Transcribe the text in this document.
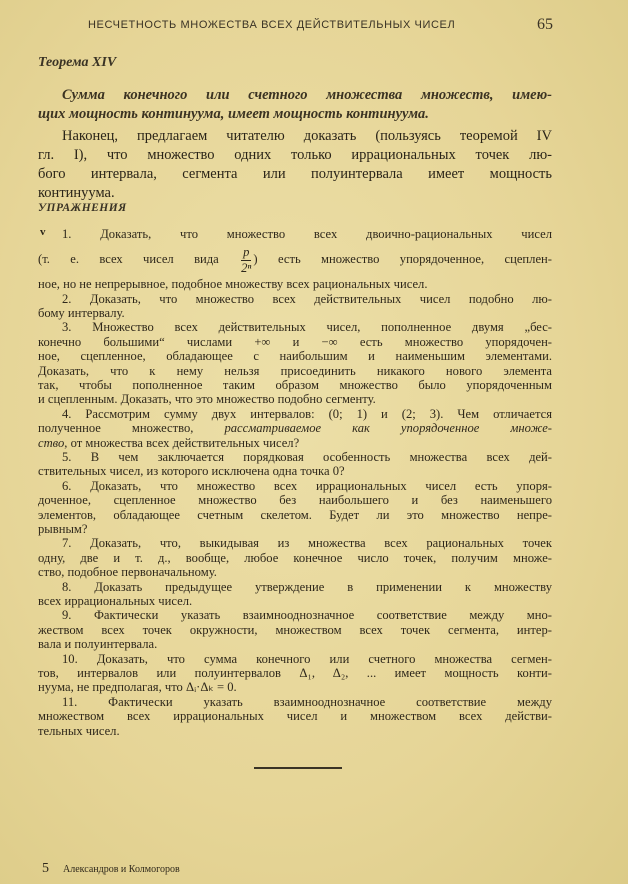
НЕСЧЕТНОСТЬ МНОЖЕСТВА ВСЕХ ДЕЙСТВИТЕЛЬНЫХ ЧИСЕЛ	65
Теорема XIV
Сумма конечного или счетного множества множеств, имею-
щих мощность континуума, имеет мощность континуума.
Наконец, предлагаем читателю доказать (пользуясь теоремой IV
гл. I), что множество одних только иррациональных точек лю-
бого интервала, сегмента или полуинтервала имеет мощность
континуума.
УПРАЖНЕНИЯ
v 1. Доказать, что множество всех двоично-рациональных чисел
(т. е. всех чисел вида $\frac{p}{\text{2ⁿ}}$ ) есть множество упорядоченное, сцеплен-
ное, но не непрерывное, подобное множеству всех рациональных чисел.
2. Доказать, что множество всех действительных чисел подобно лю-
бому интервалу.
3. Множество всех действительных чисел, пополненное двумя „бес-
конечно большими“ числами +∞ и −∞ есть множество упорядочен-
ное, сцепленное, обладающее с наибольшим и наименьшим элементами.
Доказать, что к нему нельзя присоединить никакого нового элемента
так, чтобы пополненное таким образом множество было упорядоченным
и сцепленным. Доказать, что это множество подобно сегменту.
4. Рассмотрим сумму двух интервалов: (0; 1) и (2; 3). Чем отличается
полученное множество, рассматриваемое как упорядоченное множе-
ство, от множества всех действительных чисел?
5. В чем заключается порядковая особенность множества всех дей-
ствительных чисел, из которого исключена одна точка 0?
6. Доказать, что множество всех иррациональных чисел есть упоря-
доченное, сцепленное множество без наибольшего и без наименьшего
элементов, обладающее счетным скелетом. Будет ли это множество непре-
рывным?
7. Доказать, что, выкидывая из множества всех рациональных точек
одну, две и т. д., вообще, любое конечное число точек, получим множе-
ство, подобное первоначальному.
8. Доказать предыдущее утверждение в применении к множеству
всех иррациональных чисел.
9. Фактически указать взаимнооднозначное соответствие между мно-
жеством всех точек окружности, множеством всех точек сегмента, интер-
вала и полуинтервала.
10. Доказать, что сумма конечного или счетного множества сегмен-
тов, интервалов или полуинтервалов Δ₁, Δ₂, ... имеет мощность конти-
нуума, не предполагая, что Δᵢ·Δₖ = 0.
11. Фактически указать взаимнооднозначное соответствие между
множеством всех иррациональных чисел и множеством всех действи-
тельных чисел.
5 Александров и Колмогоров
